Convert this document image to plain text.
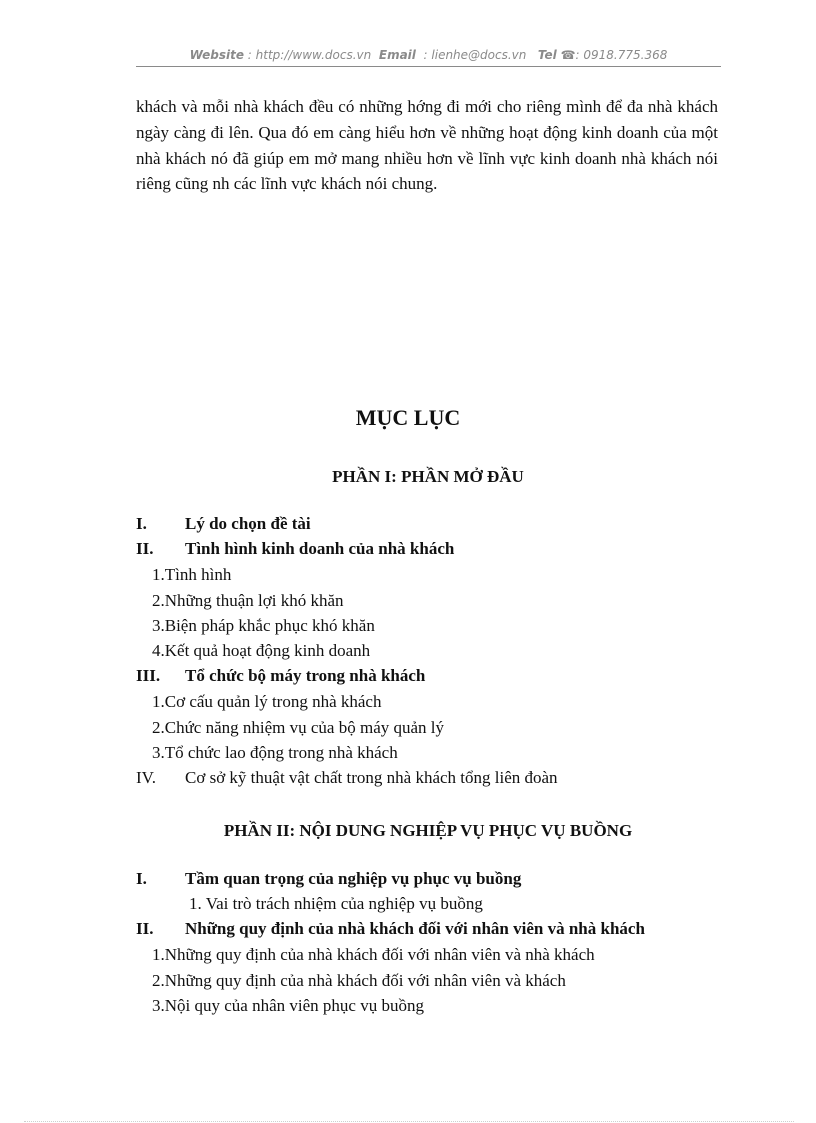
Website : http://www.docs.vn Email : lienhe@docs.vn Tel ☎: 0918.775.368
khách và mỗi nhà khách đều có những hớng đi mới cho riêng mình để đa nhà khách ngày càng đi lên. Qua đó em càng hiểu hơn về những hoạt động kinh doanh của một nhà khách nó đã giúp em mở mang nhiều hơn về lĩnh vực kinh doanh nhà khách nói riêng cũng nh các lĩnh vực khách nói chung.
MỤC LỤC
PHẦN I: PHẦN MỞ ĐẦU
I. Lý do chọn đề tài
II. Tình hình kinh doanh của nhà khách
1.Tình hình
2.Những thuận lợi khó khăn
3.Biện pháp khắc phục khó khăn
4.Kết quả hoạt động kinh doanh
III. Tổ chức bộ máy trong nhà khách
1.Cơ cấu quản lý trong nhà khách
2.Chức năng nhiệm vụ của bộ máy quản lý
3.Tổ chức lao động trong nhà khách
IV. Cơ sở kỹ thuật vật chất trong nhà khách tổng liên đoàn
PHẦN II: NỘI DUNG NGHIỆP VỤ PHỤC VỤ BUỒNG
I. Tầm quan trọng của nghiệp vụ phục vụ buồng
1. Vai trò trách nhiệm của nghiệp vụ buồng
II. Những quy định của nhà khách đối với nhân viên và nhà khách
1.Những quy định của nhà khách đối với nhân viên và nhà khách
2.Những quy định của nhà khách đối với nhân viên và khách
3.Nội quy của nhân viên phục vụ buồng
